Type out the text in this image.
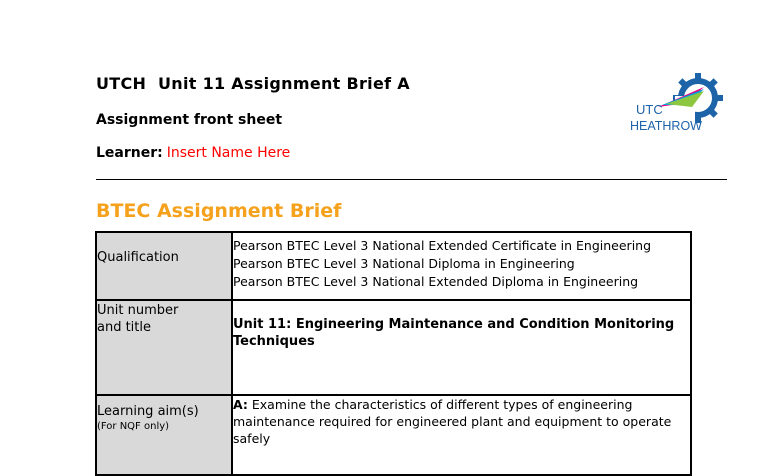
UTCH  Unit 11 Assignment Brief A
Assignment front sheet
Learner: Insert Name Here
UTC
HEATHROW
BTEC Assignment Brief
Qualification	Pearson BTEC Level 3 National Extended Certificate in Engineering
Pearson BTEC Level 3 National Diploma in Engineering
Pearson BTEC Level 3 National Extended Diploma in Engineering

Unit number
and title	Unit 11: Engineering Maintenance and Condition Monitoring Techniques

Learning aim(s)
(For NQF only)	A: Examine the characteristics of different types of engineering maintenance required for engineered plant and equipment to operate safely
